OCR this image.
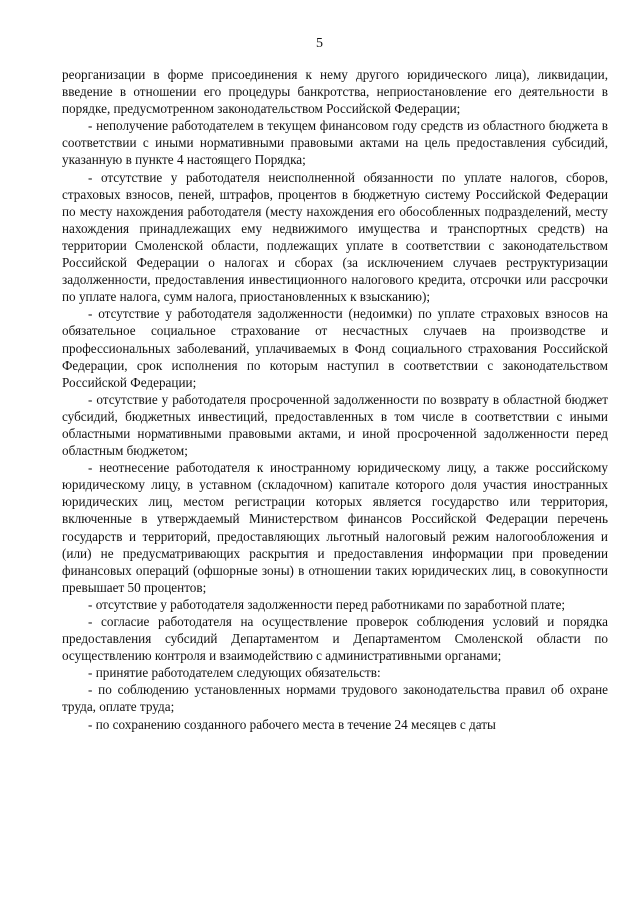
5

реорганизации в форме присоединения к нему другого юридического лица), ликвидации, введение в отношении его процедуры банкротства, неприостановление его деятельности в порядке, предусмотренном законодательством Российской Федерации;

- неполучение работодателем в текущем финансовом году средств из областного бюджета в соответствии с иными нормативными правовыми актами на цель предоставления субсидий, указанную в пункте 4 настоящего Порядка;

- отсутствие у работодателя неисполненной обязанности по уплате налогов, сборов, страховых взносов, пеней, штрафов, процентов в бюджетную систему Российской Федерации по месту нахождения работодателя (месту нахождения его обособленных подразделений, месту нахождения принадлежащих ему недвижимого имущества и транспортных средств) на территории Смоленской области, подлежащих уплате в соответствии с законодательством Российской Федерации о налогах и сборах (за исключением случаев реструктуризации задолженности, предоставления инвестиционного налогового кредита, отсрочки или рассрочки по уплате налога, сумм налога, приостановленных к взысканию);

- отсутствие у работодателя задолженности (недоимки) по уплате страховых взносов на обязательное социальное страхование от несчастных случаев на производстве и профессиональных заболеваний, уплачиваемых в Фонд социального страхования Российской Федерации, срок исполнения по которым наступил в соответствии с законодательством Российской Федерации;

- отсутствие у работодателя просроченной задолженности по возврату в областной бюджет субсидий, бюджетных инвестиций, предоставленных в том числе в соответствии с иными областными нормативными правовыми актами, и иной просроченной задолженности перед областным бюджетом;

- неотнесение работодателя к иностранному юридическому лицу, а также российскому юридическому лицу, в уставном (складочном) капитале которого доля участия иностранных юридических лиц, местом регистрации которых является государство или территория, включенные в утверждаемый Министерством финансов Российской Федерации перечень государств и территорий, предоставляющих льготный налоговый режим налогообложения и (или) не предусматривающих раскрытия и предоставления информации при проведении финансовых операций (офшорные зоны) в отношении таких юридических лиц, в совокупности превышает 50 процентов;

- отсутствие у работодателя задолженности перед работниками по заработной плате;

- согласие работодателя на осуществление проверок соблюдения условий и порядка предоставления субсидий Департаментом и Департаментом Смоленской области по осуществлению контроля и взаимодействию с административными органами;

- принятие работодателем следующих обязательств:

- по соблюдению установленных нормами трудового законодательства правил об охране труда, оплате труда;

- по сохранению созданного рабочего места в течение 24 месяцев с даты
